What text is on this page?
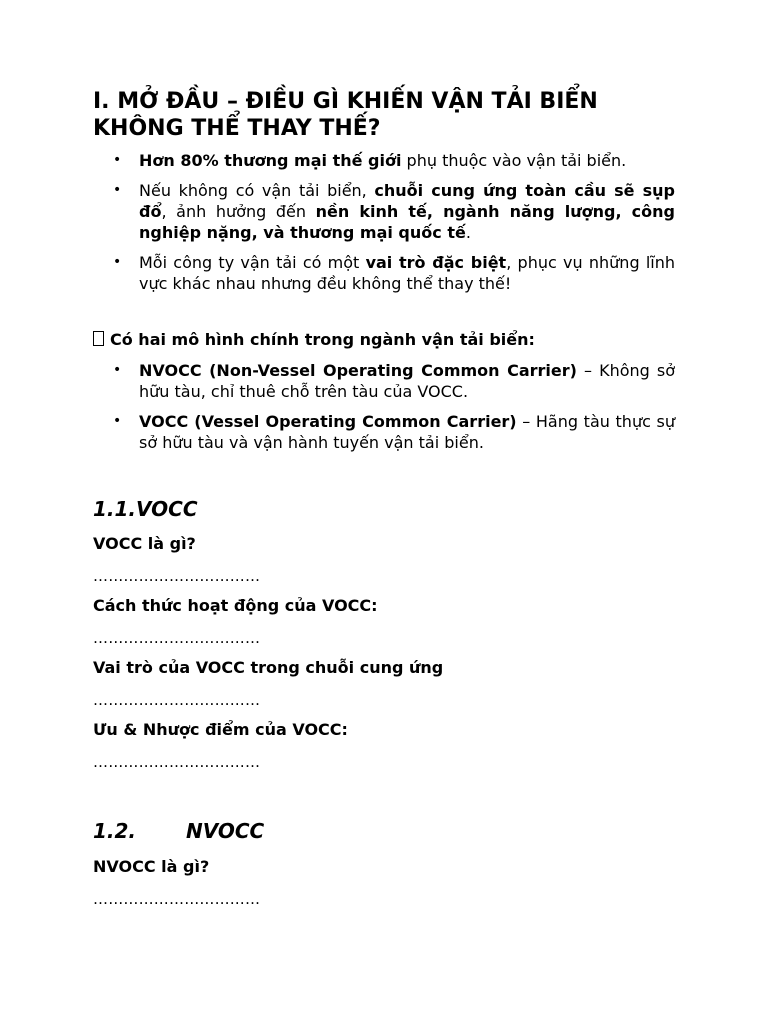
I. MỞ ĐẦU – ĐIỀU GÌ KHIẾN VẬN TẢI BIỂN KHÔNG THỂ THAY THẾ?
• Hơn 80% thương mại thế giới phụ thuộc vào vận tải biển.
• Nếu không có vận tải biển, chuỗi cung ứng toàn cầu sẽ sụp đổ, ảnh hưởng đến nền kinh tế, ngành năng lượng, công nghiệp nặng, và thương mại quốc tế.
• Mỗi công ty vận tải có một vai trò đặc biệt, phục vụ những lĩnh vực khác nhau nhưng đều không thể thay thế!
Có hai mô hình chính trong ngành vận tải biển:
• NVOCC (Non-Vessel Operating Common Carrier) – Không sở hữu tàu, chỉ thuê chỗ trên tàu của VOCC.
• VOCC (Vessel Operating Common Carrier) – Hãng tàu thực sự sở hữu tàu và vận hành tuyến vận tải biển.
1.1.VOCC
VOCC là gì?
……………………………
Cách thức hoạt động của VOCC:
……………………………
Vai trò của VOCC trong chuỗi cung ứng
……………………………
Ưu & Nhược điểm của VOCC:
……………………………
1.2. NVOCC
NVOCC là gì?
……………………………
